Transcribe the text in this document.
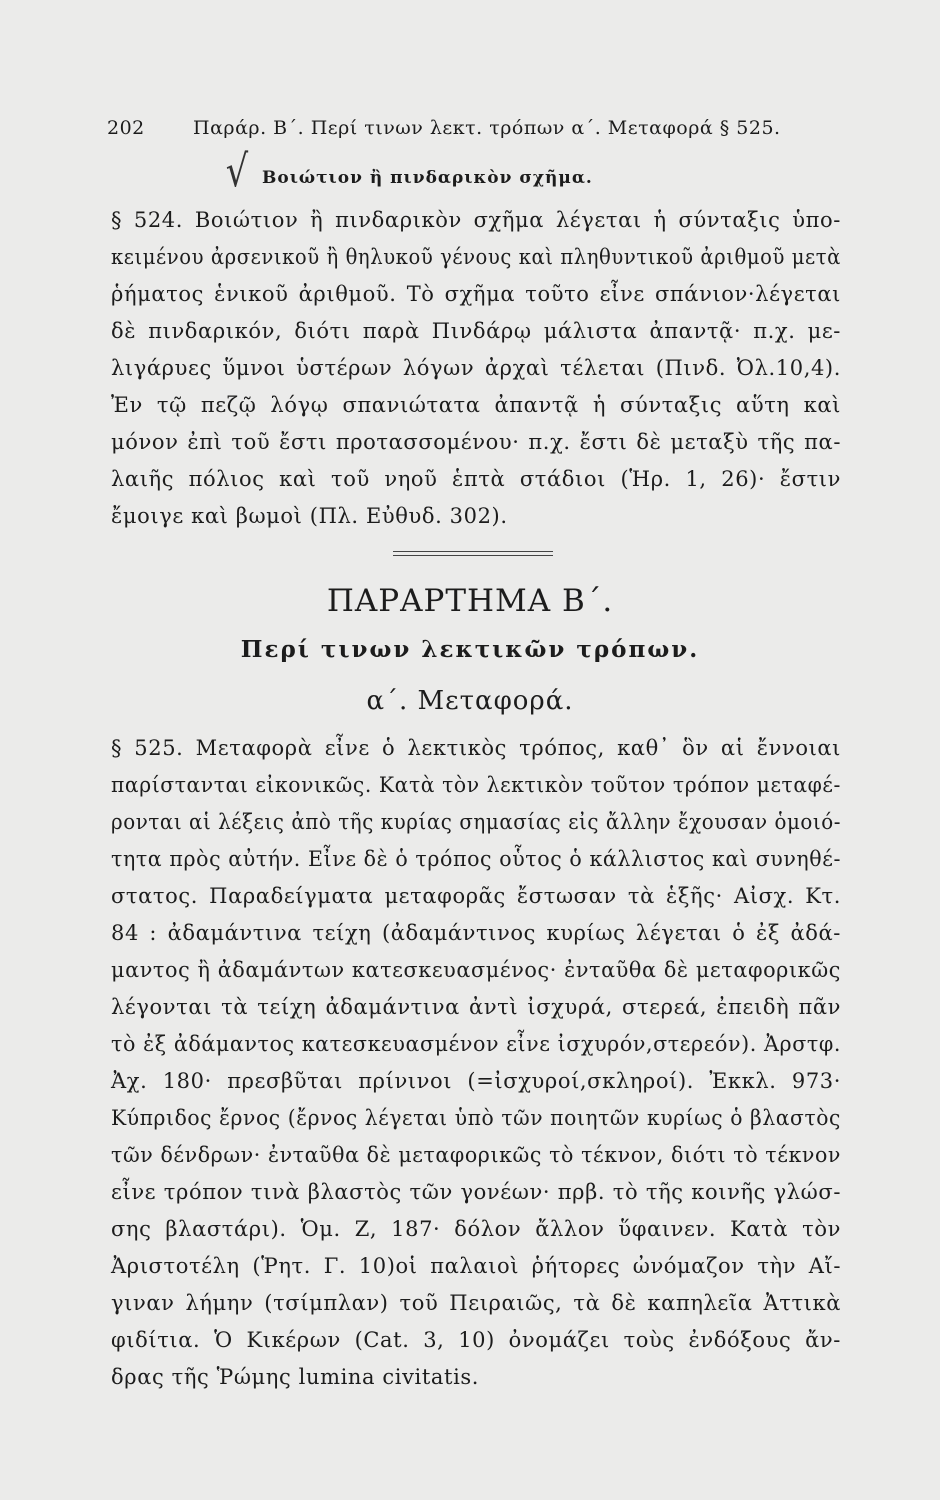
202	Παράρ. Β΄. Περί τινων λεκτ. τρόπων α΄. Μεταφορά § 525.
√ Βοιώτιον ἢ πινδαρικὸν σχῆμα.
§ 524. Βοιώτιον ἢ πινδαρικὸν σχῆμα λέγεται ἡ σύνταξις ὑπο-
κειμένου ἀρσενικοῦ ἢ θηλυκοῦ γένους καὶ πληθυντικοῦ ἀριθμοῦ μετὰ
ῥήματος ἑνικοῦ ἀριθμοῦ. Τὸ σχῆμα τοῦτο εἶνε σπάνιον·λέγεται
δὲ πινδαρικόν, διότι παρὰ Πινδάρῳ μάλιστα ἀπαντᾷ· π.χ. με-
λιγάρυες ὕμνοι ὑστέρων λόγων ἀρχαὶ τέλεται (Πινδ. Ὀλ.10,4).
Ἐν τῷ πεζῷ λόγῳ σπανιώτατα ἀπαντᾷ ἡ σύνταξις αὕτη καὶ
μόνον ἐπὶ τοῦ ἔστι προτασσομένου· π.χ. ἔστι δὲ μεταξὺ τῆς πα-
λαιῆς πόλιος καὶ τοῦ νηοῦ ἑπτὰ στάδιοι (Ἡρ. 1, 26)· ἔστιν
ἔμοιγε καὶ βωμοὶ (Πλ. Εὐθυδ. 302).
ΠΑΡΑΡΤΗΜΑ Β΄.
Περί τινων λεκτικῶν τρόπων.
α΄. Μεταφορά.
§ 525. Μεταφορὰ εἶνε ὁ λεκτικὸς τρόπος, καθ᾽ ὃν αἱ ἔννοιαι
παρίστανται εἰκονικῶς. Κατὰ τὸν λεκτικὸν τοῦτον τρόπον μεταφέ-
ρονται αἱ λέξεις ἀπὸ τῆς κυρίας σημασίας εἰς ἄλλην ἔχουσαν ὁμοιό-
τητα πρὸς αὐτήν. Εἶνε δὲ ὁ τρόπος οὗτος ὁ κάλλιστος καὶ συνηθέ-
στατος. Παραδείγματα μεταφορᾶς ἔστωσαν τὰ ἑξῆς· Αἰσχ. Κτ.
84 : ἀδαμάντινα τείχη (ἀδαμάντινος κυρίως λέγεται ὁ ἐξ ἀδά-
μαντος ἢ ἀδαμάντων κατεσκευασμένος· ἐνταῦθα δὲ μεταφορικῶς
λέγονται τὰ τείχη ἀδαμάντινα ἀντὶ ἰσχυρά, στερεά, ἐπειδὴ πᾶν
τὸ ἐξ ἀδάμαντος κατεσκευασμένον εἶνε ἰσχυρόν,στερεόν). Ἀρστφ.
Ἀχ. 180· πρεσβῦται πρίνινοι (=ἰσχυροί,σκληροί). Ἐκκλ. 973·
Κύπριδος ἔρνος (ἔρνος λέγεται ὑπὸ τῶν ποιητῶν κυρίως ὁ βλαστὸς
τῶν δένδρων· ἐνταῦθα δὲ μεταφορικῶς τὸ τέκνον, διότι τὸ τέκνον
εἶνε τρόπον τινὰ βλαστὸς τῶν γονέων· πρβ. τὸ τῆς κοινῆς γλώσ-
σης βλαστάρι). Ὁμ. Ζ, 187· δόλον ἄλλον ὕφαινεν. Κατὰ τὸν
Ἀριστοτέλη (Ῥητ. Γ. 10)οἱ παλαιοὶ ῥήτορες ὠνόμαζον τὴν Αἴ-
γιναν λήμην (τσίμπλαν) τοῦ Πειραιῶς, τὰ δὲ καπηλεῖα Ἀττικὰ
φιδίτια. Ὁ Κικέρων (Cat. 3, 10) ὀνομάζει τοὺς ἐνδόξους ἄν-
δρας τῆς Ῥώμης lumina civitatis.
